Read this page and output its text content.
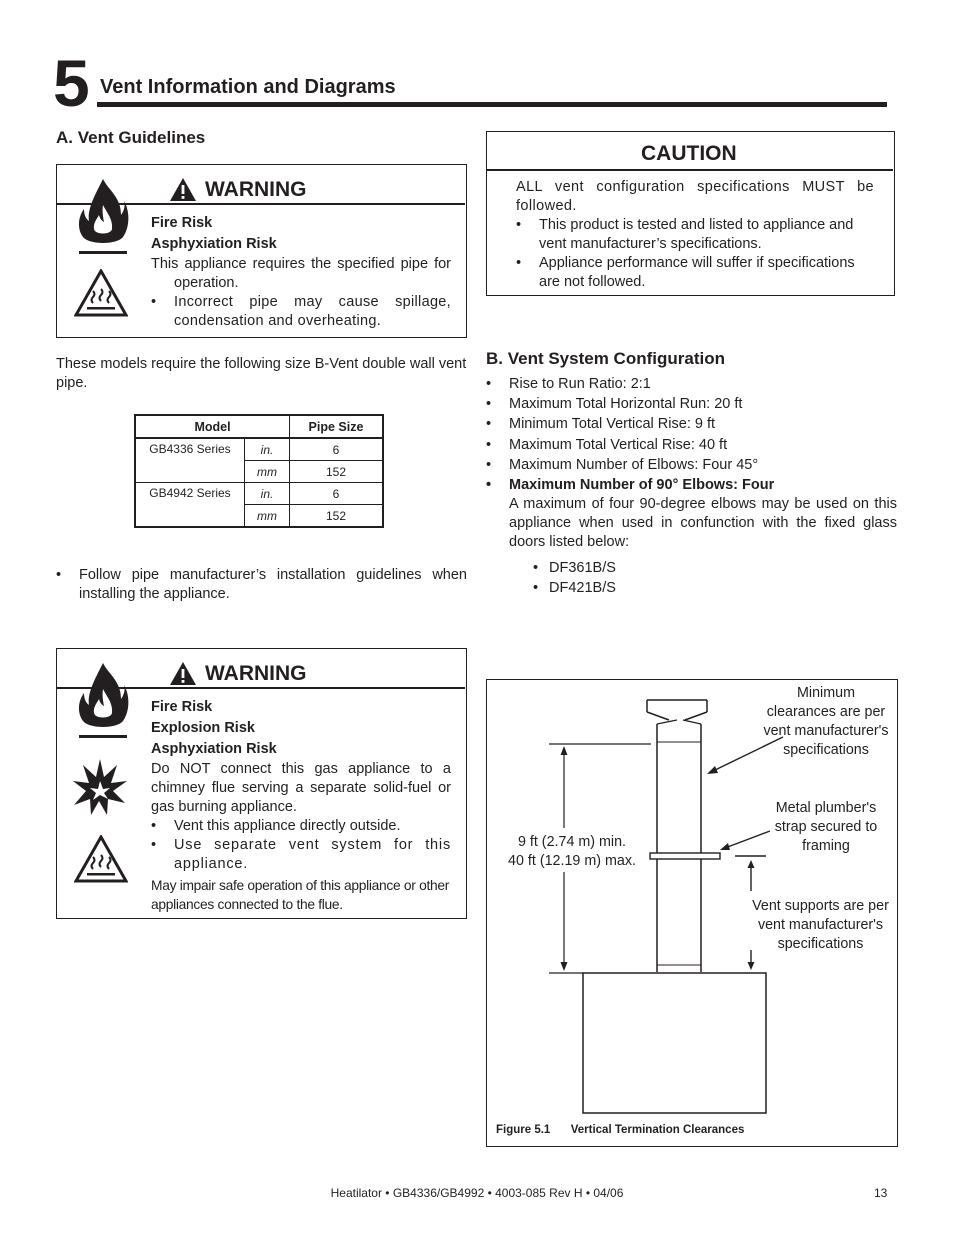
5 Vent Information and Diagrams
A. Vent Guidelines
WARNING
Fire Risk
Asphyxiation Risk
This appliance requires the specified pipe for operation.
• Incorrect pipe may cause spillage, condensation and overheating.
These models require the following size B-Vent double wall vent pipe.
Model		Pipe Size
GB4336 Series	in.	6
	mm	152
GB4942 Series	in.	6
	mm	152
• Follow pipe manufacturer’s installation guidelines when installing the appliance.
WARNING
Fire Risk
Explosion Risk
Asphyxiation Risk
Do NOT connect this gas appliance to a chimney flue serving a separate solid-fuel or gas burning appliance.
• Vent this appliance directly outside.
• Use separate vent system for this appliance.
May impair safe operation of this appliance or other appliances connected to the flue.
CAUTION
ALL vent configuration specifications MUST be followed.
• This product is tested and listed to appliance and vent manufacturer’s specifications.
• Appliance performance will suffer if specifications are not followed.
B. Vent System Configuration
• Rise to Run Ratio: 2:1
• Maximum Total Horizontal Run: 20 ft
• Minimum Total Vertical Rise: 9 ft
• Maximum Total Vertical Rise: 40 ft
• Maximum Number of Elbows: Four 45°
• Maximum Number of 90° Elbows: Four
A maximum of four 90-degree elbows may be used on this appliance when used in confunction with the fixed glass doors listed below:
• DF361B/S
• DF421B/S
Minimum clearances are per vent manufacturer's specifications
Metal plumber's strap secured to framing
9 ft (2.74 m) min.
40 ft (12.19 m) max.
Vent supports are per vent manufacturer's specifications
Figure 5.1 Vertical Termination Clearances
Heatilator • GB4336/GB4992 • 4003-085 Rev H • 04/06	13
